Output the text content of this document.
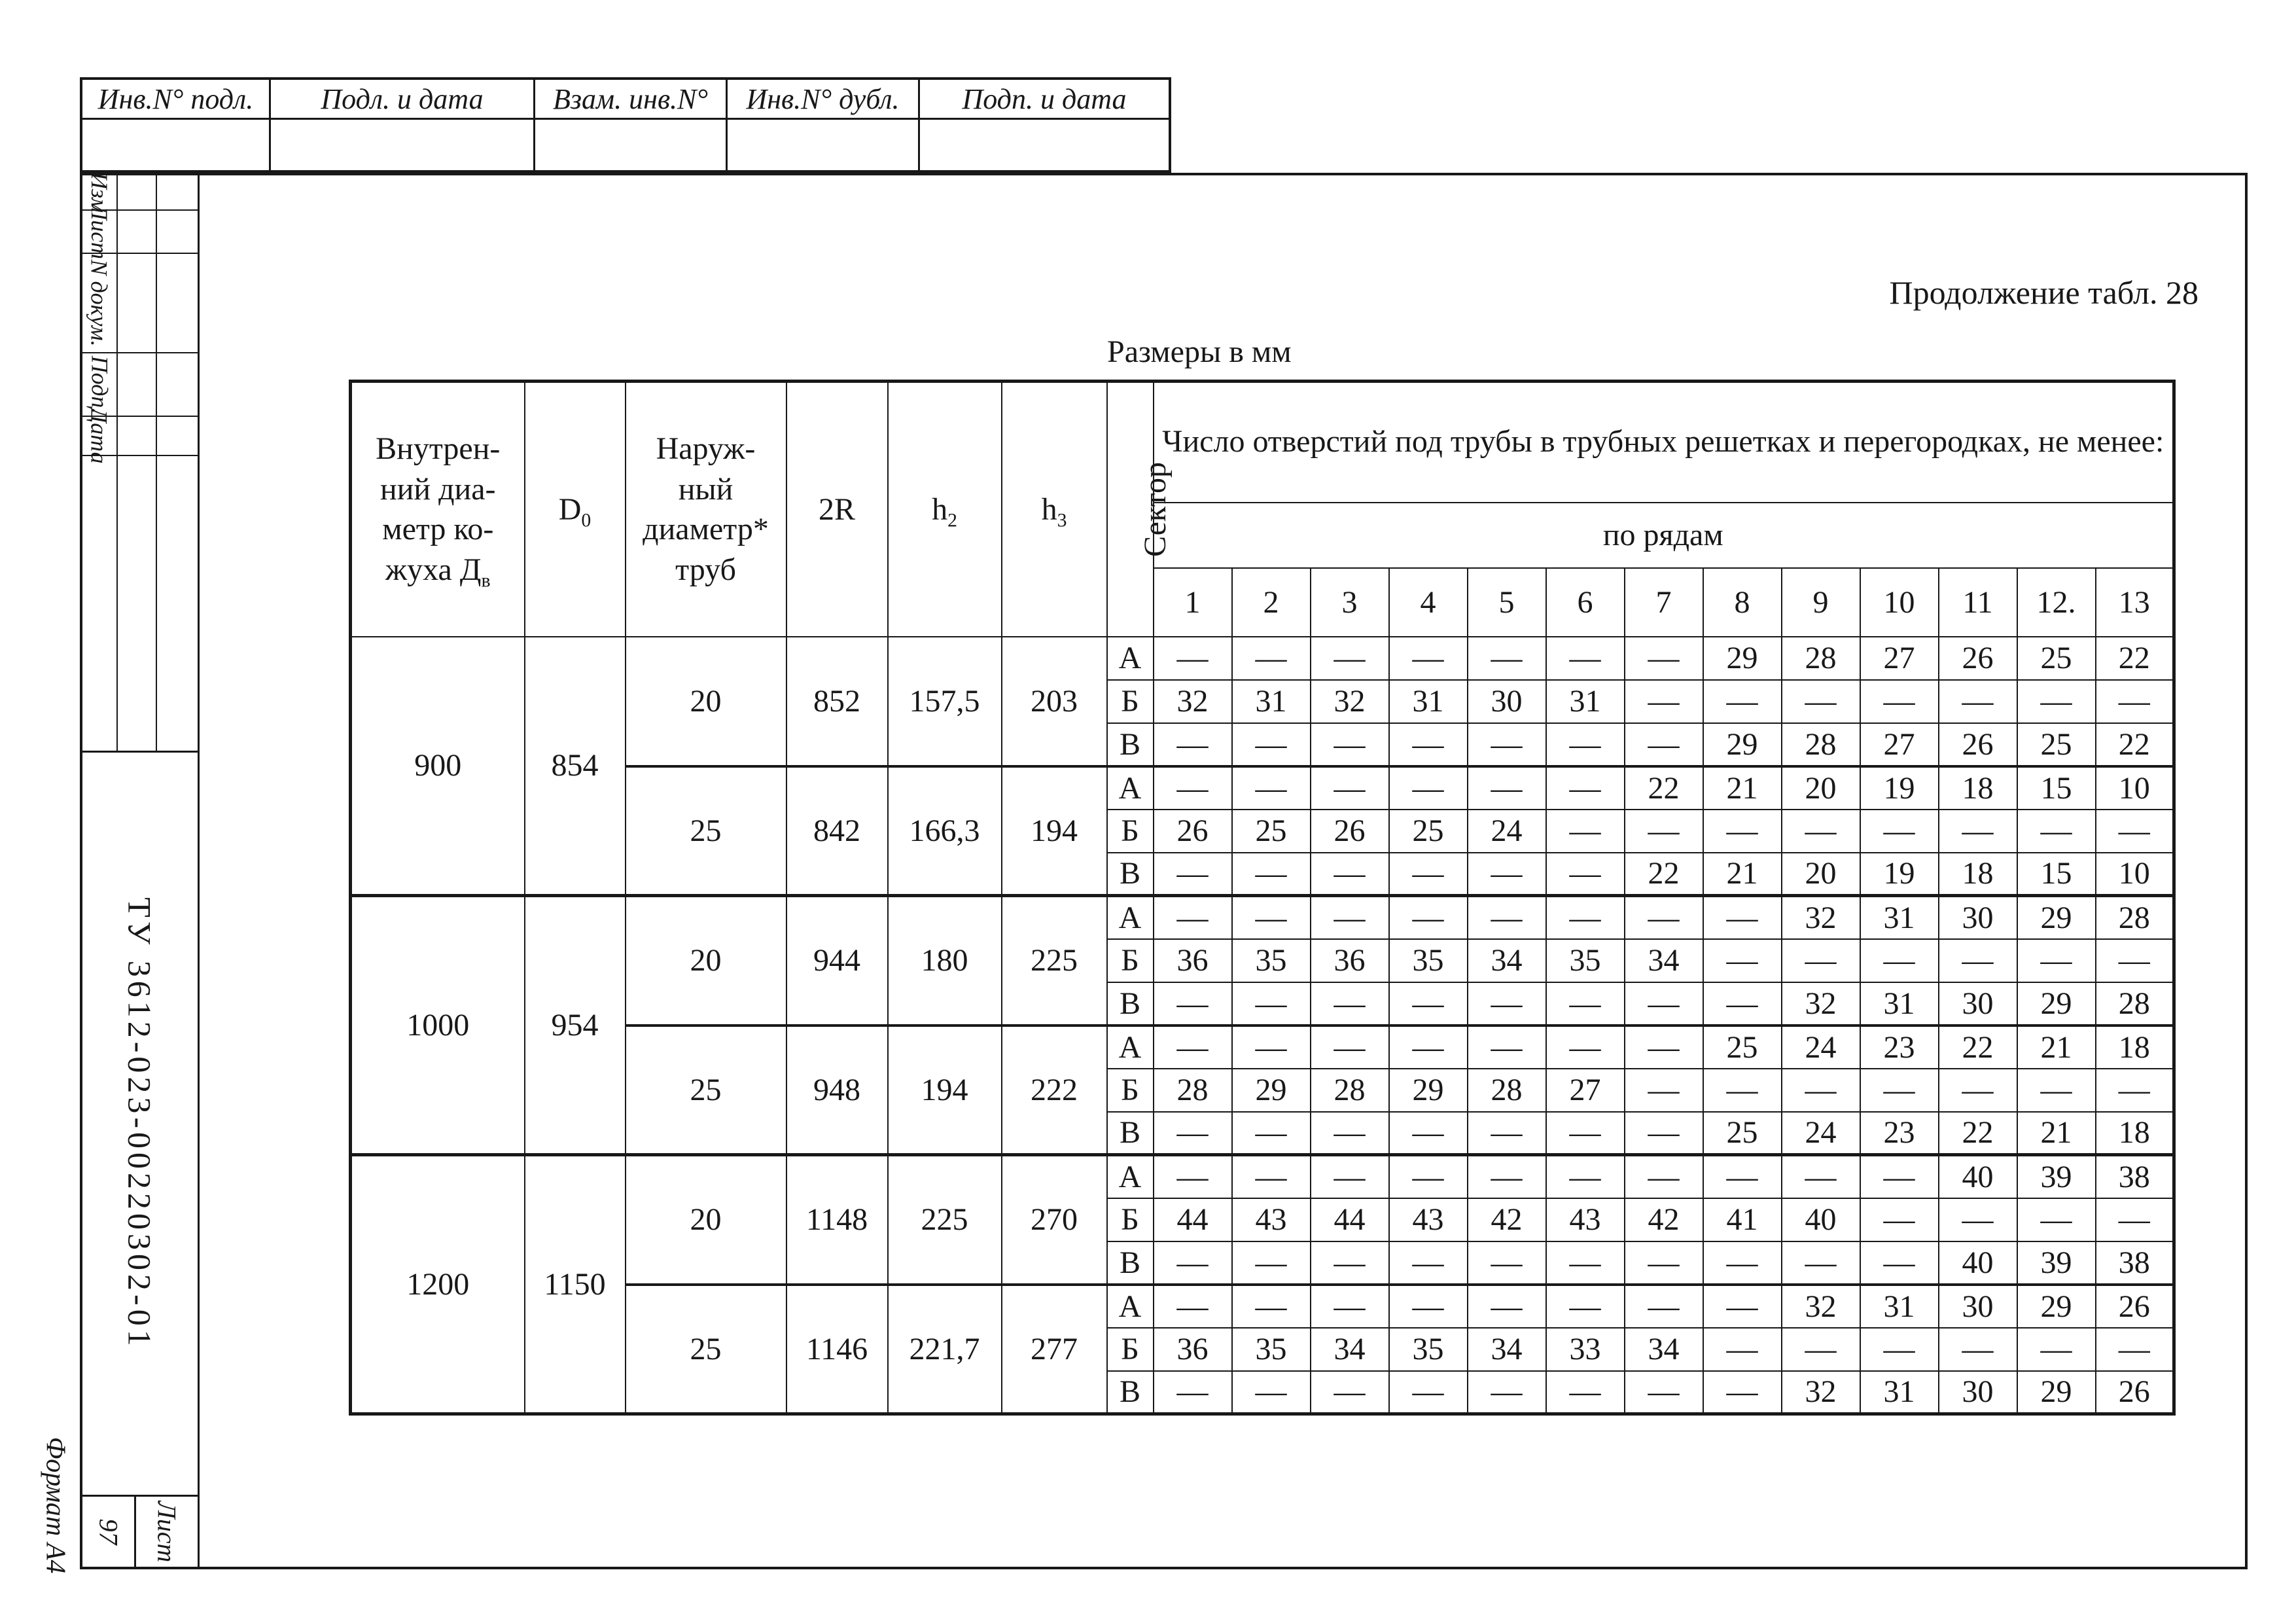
Инв.N° подл. Подл. и дата Взам. инв.N° Инв.N° дубл. Подп. и дата
Изм
Лист
N докум.
Подп.
Дата
ТУ 3612-023-00220302-01
97 Лист
Формат А4
Продолжение табл. 28
Размеры в мм
Внутрен-
ний диа-
метр ко-
жуха $Д_в$	$D_0$	Наруж-
ный
диаметр*
труб	2R	$h_2$	$h_3$	Сектор	Число отверстий под трубы в трубных решетках и перегородках, не менее:												
							по рядам												
							1	2	3	4	5	6	7	8	9	10	11	12.	13
900	854	20	852	157,5	203	А	—	—	—	—	—	—	—	29	28	27	26	25	22
						Б	32	31	32	31	30	31	—	—	—	—	—	—	—
						В	—	—	—	—	—	—	—	29	28	27	26	25	22
		25	842	166,3	194	А	—	—	—	—	—	—	22	21	20	19	18	15	10
						Б	26	25	26	25	24	—	—	—	—	—	—	—	—
						В	—	—	—	—	—	—	22	21	20	19	18	15	10
1000	954	20	944	180	225	А	—	—	—	—	—	—	—	—	32	31	30	29	28
						Б	36	35	36	35	34	35	34	—	—	—	—	—	—
						В	—	—	—	—	—	—	—	—	32	31	30	29	28
		25	948	194	222	А	—	—	—	—	—	—	—	25	24	23	22	21	18
						Б	28	29	28	29	28	27	—	—	—	—	—	—	—
						В	—	—	—	—	—	—	—	25	24	23	22	21	18
1200	1150	20	1148	225	270	А	—	—	—	—	—	—	—	—	—	—	40	39	38
						Б	44	43	44	43	42	43	42	41	40	—	—	—	—
						В	—	—	—	—	—	—	—	—	—	—	40	39	38
		25	1146	221,7	277	А	—	—	—	—	—	—	—	—	32	31	30	29	26
						Б	36	35	34	35	34	33	34	—	—	—	—	—	—
						В	—	—	—	—	—	—	—	—	32	31	30	29	26
